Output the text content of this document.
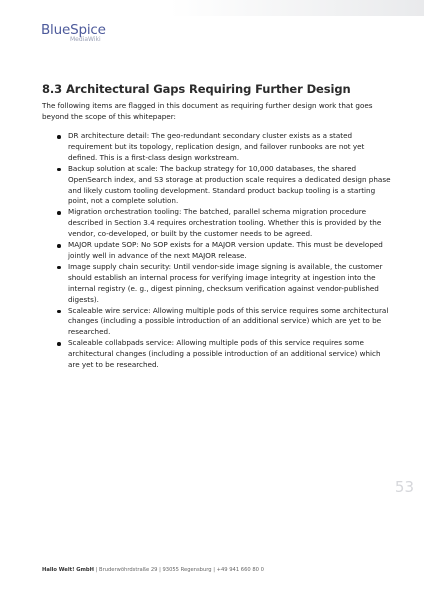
BlueSpice
MediaWiki
8.3 Architectural Gaps Requiring Further Design
The following items are flagged in this document as requiring further design work that goes beyond the scope of this whitepaper:
DR architecture detail: The geo-redundant secondary cluster exists as a stated requirement but its topology, replication design, and failover runbooks are not yet defined. This is a first-class design workstream.
Backup solution at scale: The backup strategy for 10,000 databases, the shared OpenSearch index, and S3 storage at production scale requires a dedicated design phase and likely custom tooling development. Standard product backup tooling is a starting point, not a complete solution.
Migration orchestration tooling: The batched, parallel schema migration procedure described in Section 3.4 requires orchestration tooling. Whether this is provided by the vendor, co-developed, or built by the customer needs to be agreed.
MAJOR update SOP: No SOP exists for a MAJOR version update. This must be developed jointly well in advance of the next MAJOR release.
Image supply chain security: Until vendor-side image signing is available, the customer should establish an internal process for verifying image integrity at ingestion into the internal registry (e. g., digest pinning, checksum verification against vendor-published digests).
Scaleable wire service: Allowing multiple pods of this service requires some architectural changes (including a possible introduction of an additional service) which are yet to be researched.
Scaleable collabpads service: Allowing multiple pods of this service requires some architectural changes (including a possible introduction of an additional service) which are yet to be researched.
53
Hallo Welt! GmbH | Bruderwöhrdstraße 29 | 93055 Regensburg | +49 941 660 80 0
